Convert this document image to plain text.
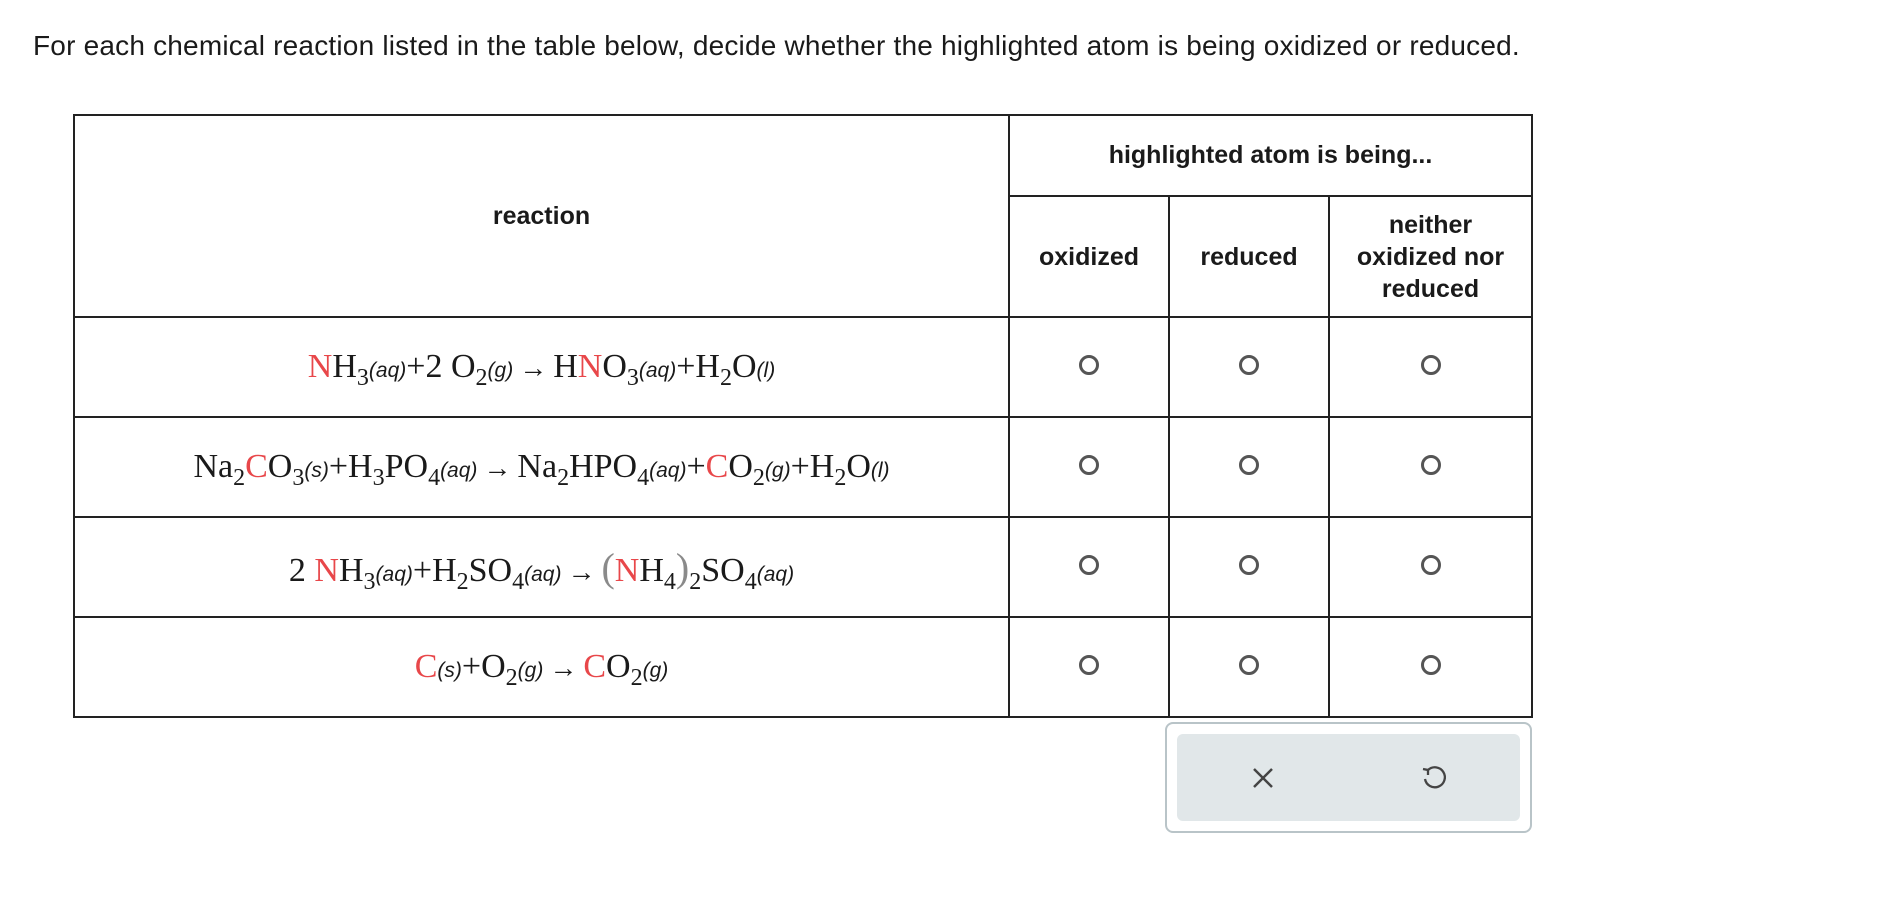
For each chemical reaction listed in the table below, decide whether the highlighted atom is being oxidized or reduced.
reaction	highlighted atom is being...		
	oxidized	reduced	neither
oxidized nor
reduced
$NH_3(aq)+2$ $O_2(g) \to HNO_3(aq)+H_2O(l)$			
$Na_2CO_3(s)+H_3PO_4(aq) \to Na_2HPO_4(aq)+CO_2(g)+H_2O(l)$			
2 $NH_3(aq)+H_2SO_4(aq) \to (NH_4)_2SO_4(aq)$			
$C(s)+O_2(g) \to CO_2(g)$			
